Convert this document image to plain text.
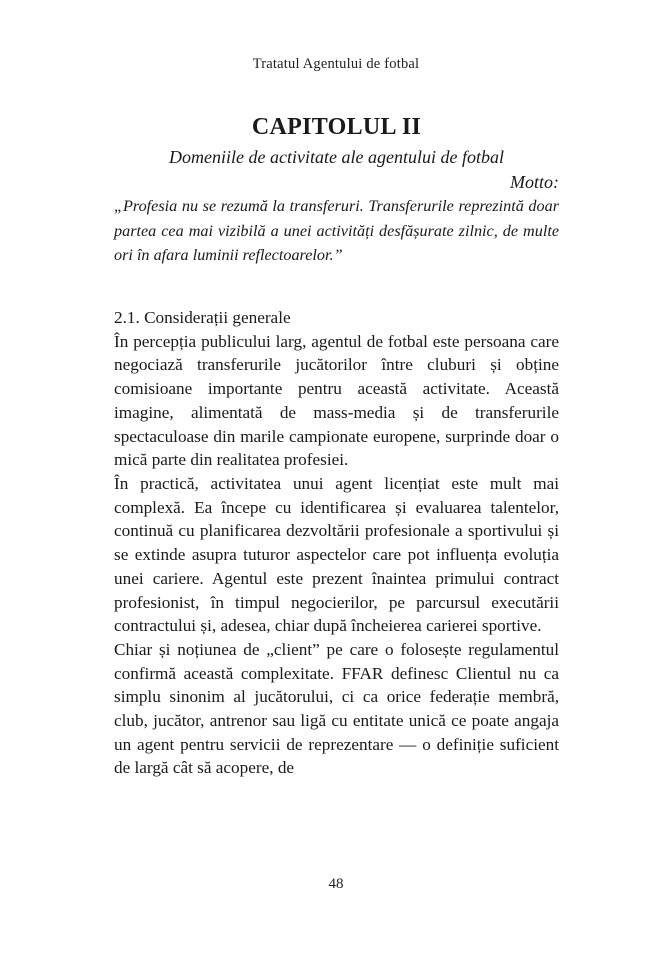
Tratatul Agentului de fotbal
CAPITOLUL II

Domeniile de activitate ale agentului de fotbal

Motto:

„Profesia nu se rezumă la transferuri. Transferurile reprezintă doar partea cea mai vizibilă a unei activități desfășurate zilnic, de multe ori în afara luminii reflectoarelor.”

2.1. Considerații generale

În percepția publicului larg, agentul de fotbal este persoana care negociază transferurile jucătorilor între cluburi și obține comisioane importante pentru această activitate. Această imagine, alimentată de mass-media și de transferurile spectaculoase din marile campionate europene, surprinde doar o mică parte din realitatea profesiei.

În practică, activitatea unui agent licențiat este mult mai complexă. Ea începe cu identificarea și evaluarea talentelor, continuă cu planificarea dezvoltării profesionale a sportivului și se extinde asupra tuturor aspectelor care pot influența evoluția unei cariere. Agentul este prezent înaintea primului contract profesionist, în timpul negocierilor, pe parcursul executării contractului și, adesea, chiar după încheierea carierei sportive.

Chiar și noțiunea de „client” pe care o folosește regulamentul confirmă această complexitate. FFAR definesc Clientul nu ca simplu sinonim al jucătorului, ci ca orice federație membră, club, jucător, antrenor sau ligă cu entitate unică ce poate angaja un agent pentru servicii de reprezentare — o definiție suficient de largă cât să acopere, de

48
